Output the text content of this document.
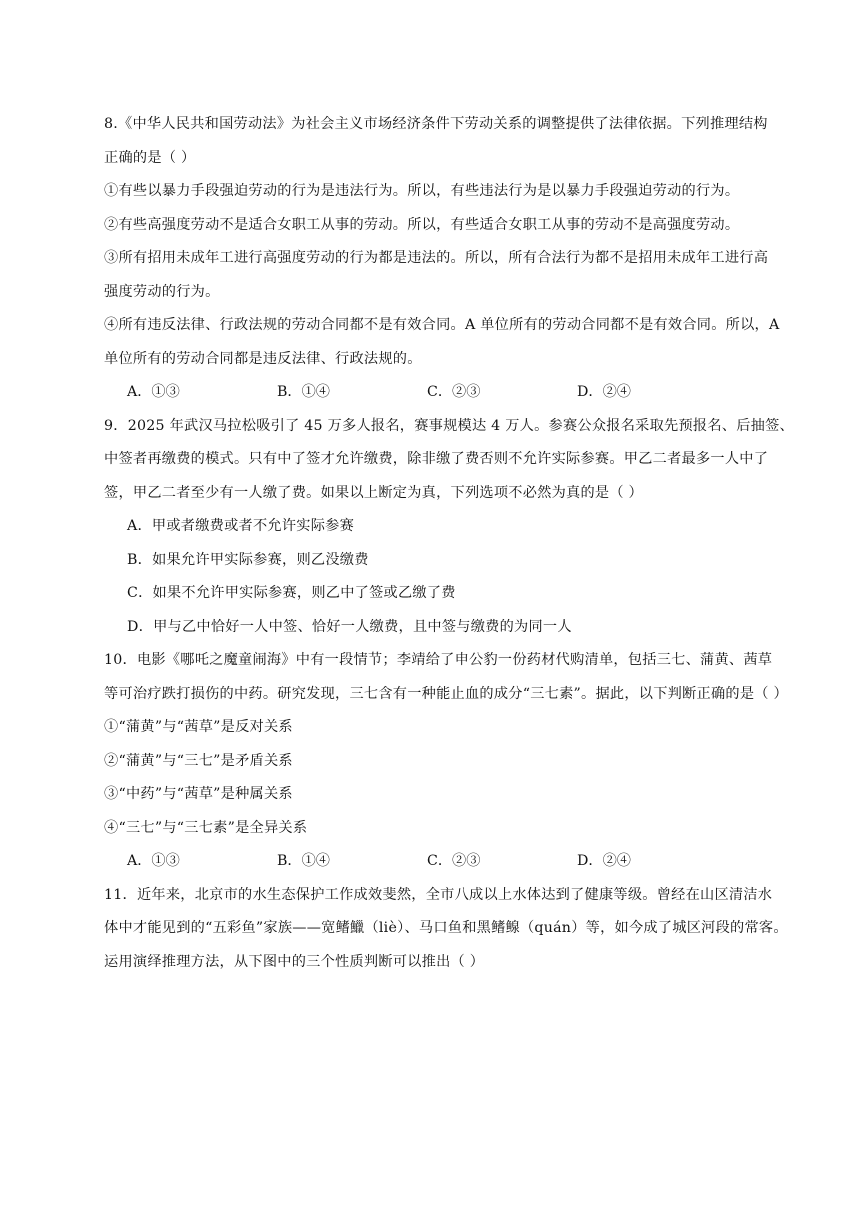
8.《中华人民共和国劳动法》为社会主义市场经济条件下劳动关系的调整提供了法律依据。下列推理结构
正确的是（ ）
①有些以暴力手段强迫劳动的行为是违法行为。所以，有些违法行为是以暴力手段强迫劳动的行为。
②有些高强度劳动不是适合女职工从事的劳动。所以，有些适合女职工从事的劳动不是高强度劳动。
③所有招用未成年工进行高强度劳动的行为都是违法的。所以，所有合法行为都不是招用未成年工进行高
强度劳动的行为。
④所有违反法律、行政法规的劳动合同都不是有效合同。A 单位所有的劳动合同都不是有效合同。所以，A
单位所有的劳动合同都是违反法律、行政法规的。
A．①③	B．①④	C．②③	D．②④
9．2025 年武汉马拉松吸引了 45 万多人报名，赛事规模达 4 万人。参赛公众报名采取先预报名、后抽签、
中签者再缴费的模式。只有中了签才允许缴费，除非缴了费否则不允许实际参赛。甲乙二者最多一人中了
签，甲乙二者至少有一人缴了费。如果以上断定为真，下列选项不必然为真的是（ ）
A．甲或者缴费或者不允许实际参赛
B．如果允许甲实际参赛，则乙没缴费
C．如果不允许甲实际参赛，则乙中了签或乙缴了费
D．甲与乙中恰好一人中签、恰好一人缴费，且中签与缴费的为同一人
10．电影《哪吒之魔童闹海》中有一段情节；李靖给了申公豹一份药材代购清单，包括三七、蒲黄、茜草
等可治疗跌打损伤的中药。研究发现，三七含有一种能止血的成分“三七素”。据此，以下判断正确的是（ ）
①“蒲黄”与“茜草”是反对关系
②“蒲黄”与“三七”是矛盾关系
③“中药”与“茜草”是种属关系
④“三七”与“三七素”是全异关系
A．①③	B．①④	C．②③	D．②④
11．近年来，北京市的水生态保护工作成效斐然，全市八成以上水体达到了健康等级。曾经在山区清洁水
体中才能见到的“五彩鱼”家族——宽鳍鱲（liè）、马口鱼和黑鳍鳈（quán）等，如今成了城区河段的常客。
运用演绎推理方法，从下图中的三个性质判断可以推出（ ）
